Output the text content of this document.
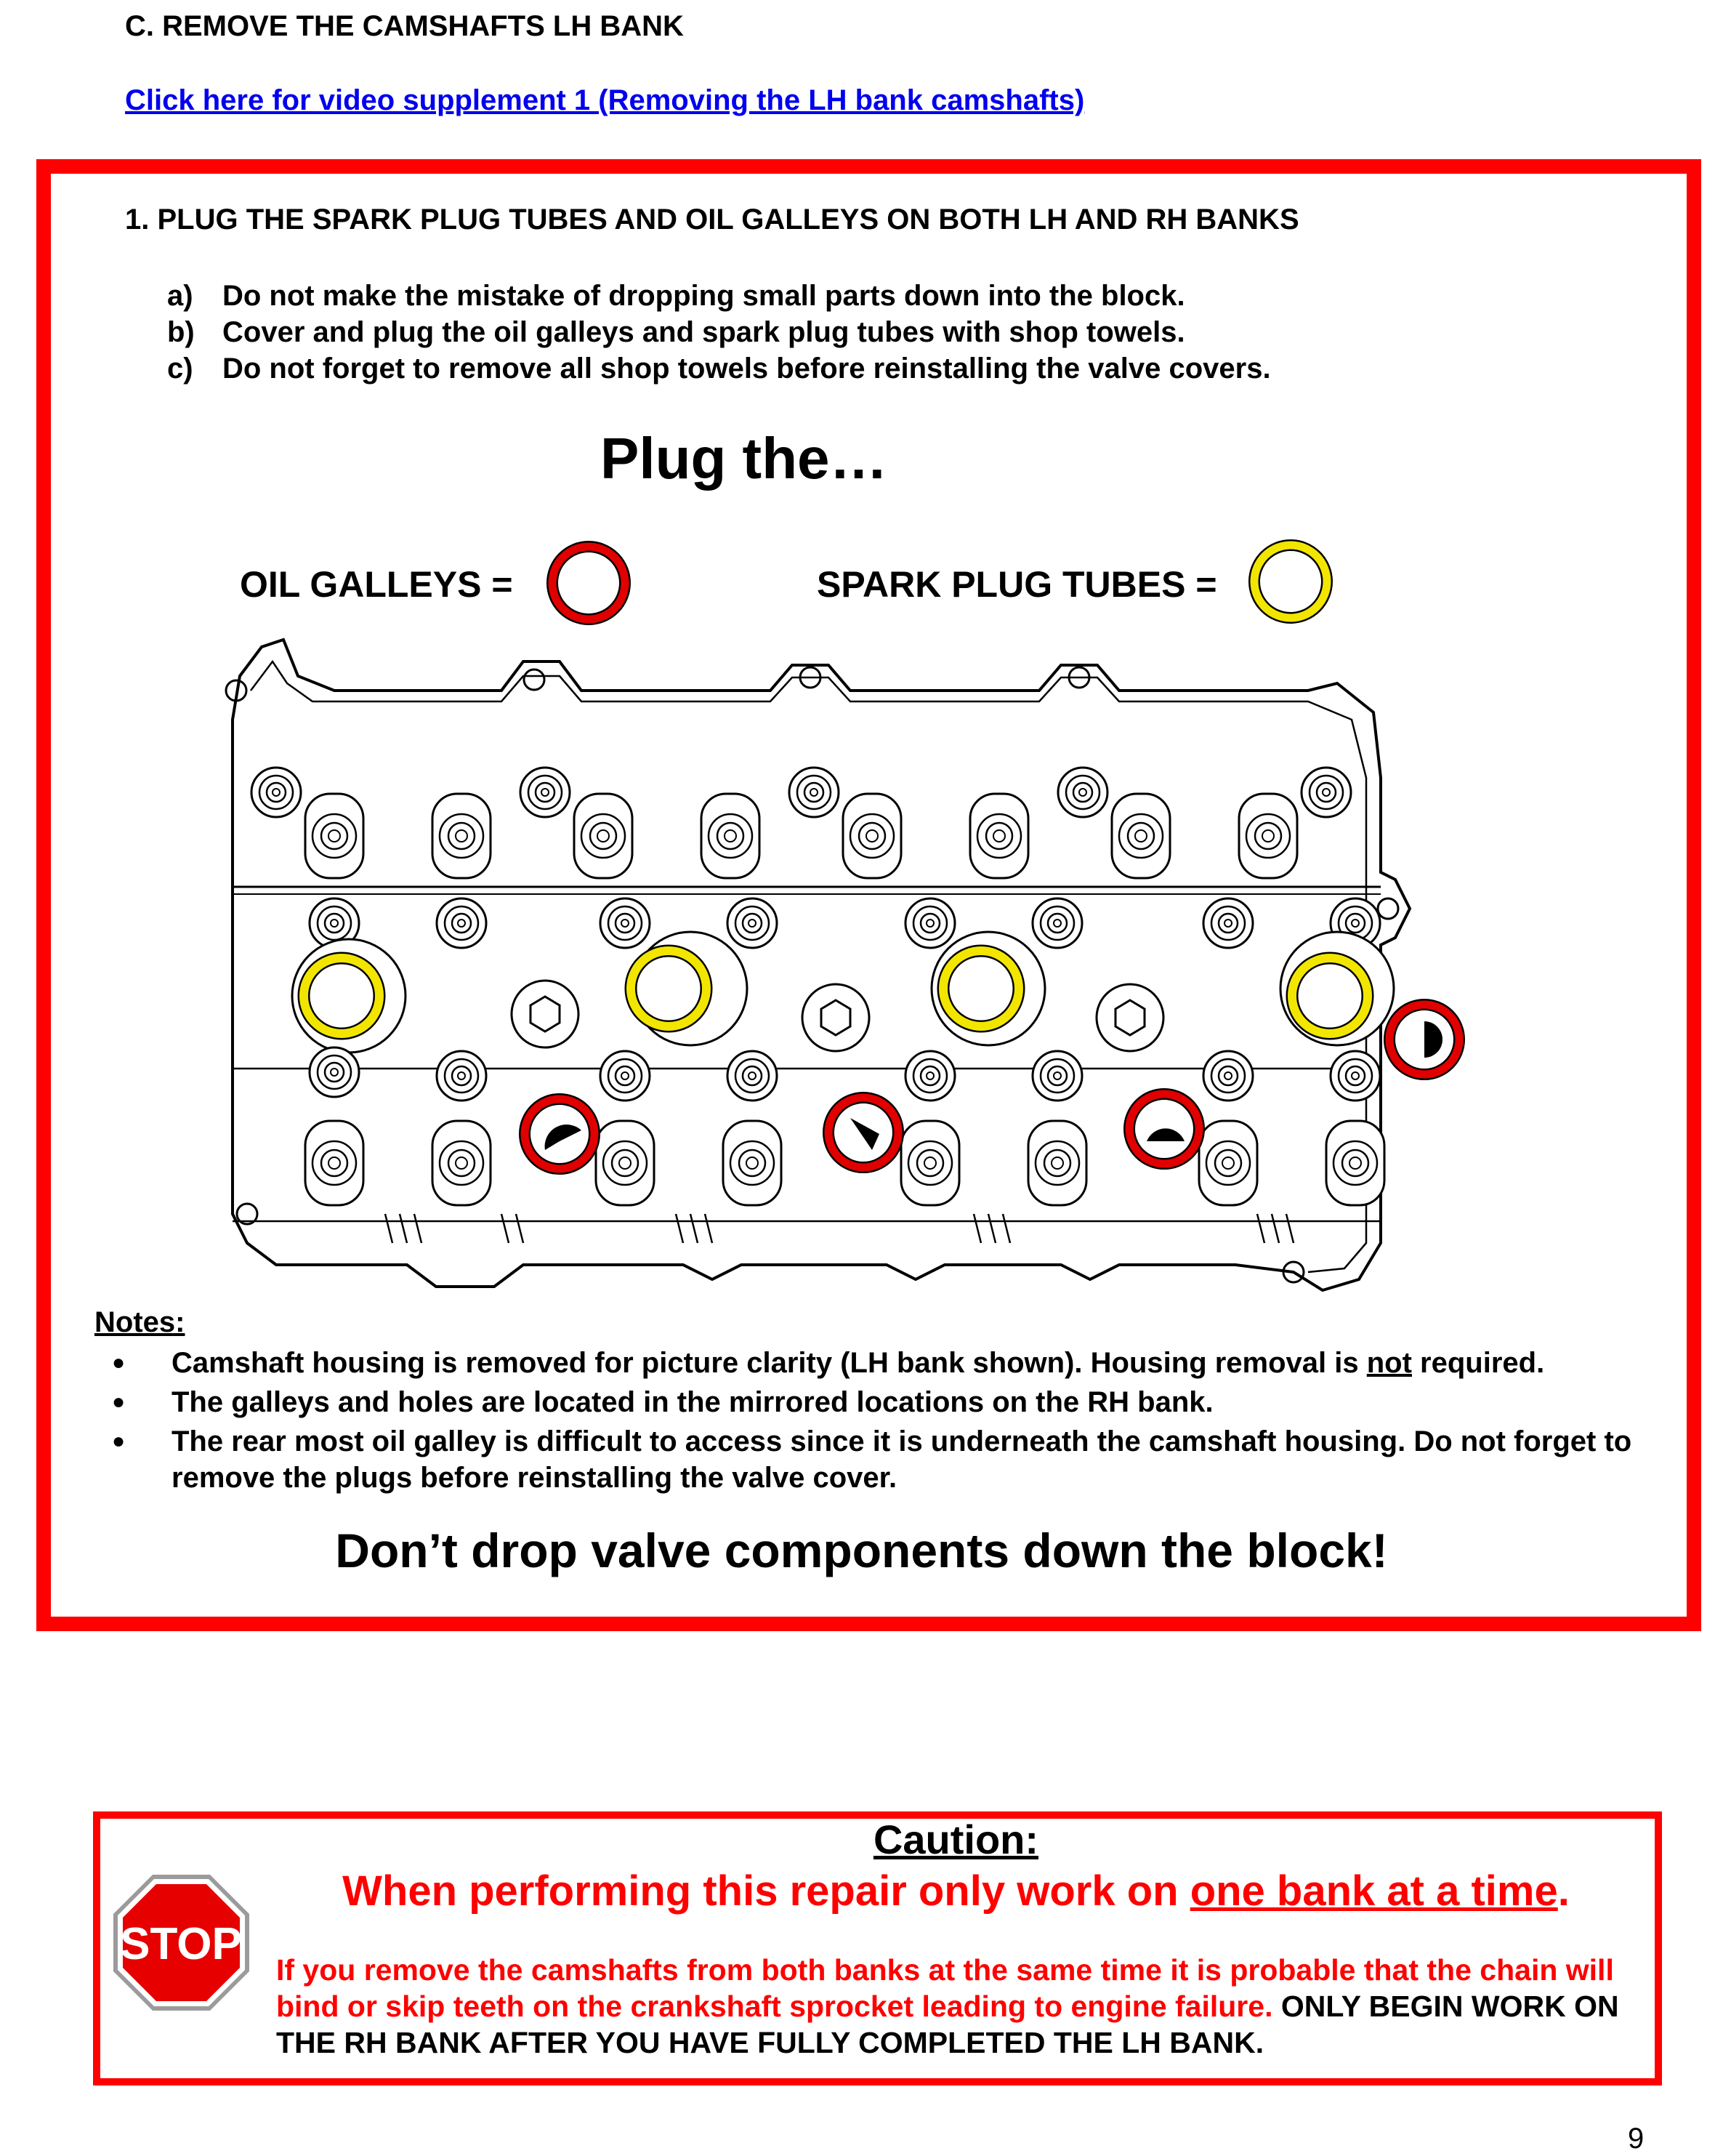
C. REMOVE THE CAMSHAFTS LH BANK
Click here for video supplement 1 (Removing the LH bank camshafts)
1. PLUG THE SPARK PLUG TUBES AND OIL GALLEYS ON BOTH LH AND RH BANKS
a)	Do not make the mistake of dropping small parts down into the block.
b) Cover and plug the oil galleys and spark plug tubes with shop towels.
c)	Do not forget to remove all shop towels before reinstalling the valve covers.
Plug the…
OIL GALLEYS =	SPARK PLUG TUBES =
Notes:
●	Camshaft housing is removed for picture clarity (LH bank shown). Housing removal is not required.
●	The galleys and holes are located in the mirrored locations on the RH bank.
●	The rear most oil galley is difficult to access since it is underneath the camshaft housing. Do not forget to remove the plugs before reinstalling the valve cover.
Don’t drop valve components down the block!
STOP
Caution:
When performing this repair only work on one bank at a time.
If you remove the camshafts from both banks at the same time it is probable that the chain will bind or skip teeth on the crankshaft sprocket leading to engine failure. ONLY BEGIN WORK ON THE RH BANK AFTER YOU HAVE FULLY COMPLETED THE LH BANK.
9
